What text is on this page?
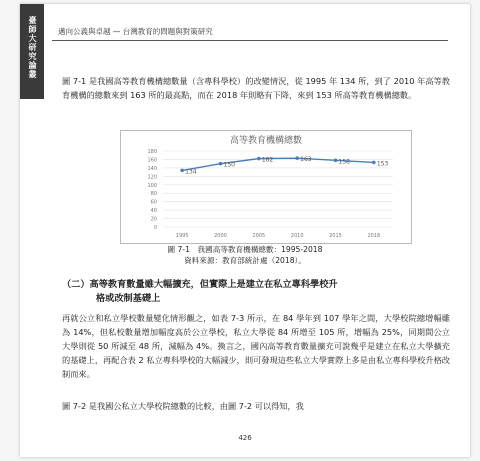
臺師大研究論叢	邁向公義與卓越 — 台灣教育的問題與對策研究
圖 7-1 是我國高等教育機構總數量（含專科學校）的改變情況，從 1995 年 134 所，到了 2010 年高等教育機構的總數來到 163 所的最高點，而在 2018 年則略有下降，來到 153 所高等教育機構總數。
高等教育機構總數
0
20
40
60
80
100
120
140
160
180
1995	2000	2005	2010	2015	2018
134
150
162	163	158	153
圖 7-1　我國高等教育機構總數：1995-2018
資料來源：教育部統計處（2018）。
（二）高等教育數量雖大幅擴充，但實際上是建立在私立專科學校升
格或改制基礎上
再就公立和私立學校數量變化情形觀之，如表 7-3 所示，在 84 學年到 107 學年之間，大學校院總增幅雖為 14%，但私校數量增加幅度高於公立學校，私立大學從 84 所增至 105 所，增幅為 25%，同期間公立大學則從 50 所減至 48 所，減幅為 4%。換言之，國內高等教育數量擴充可說幾乎是建立在私立大學擴充的基礎上，再配合表 2 私立專科學校的大幅減少，則可發現這些私立大學實際上多是由私立專科學校升格改制而來。
圖 7-2 是我國公私立大學校院總數的比較，由圖 7-2 可以得知，我
426
